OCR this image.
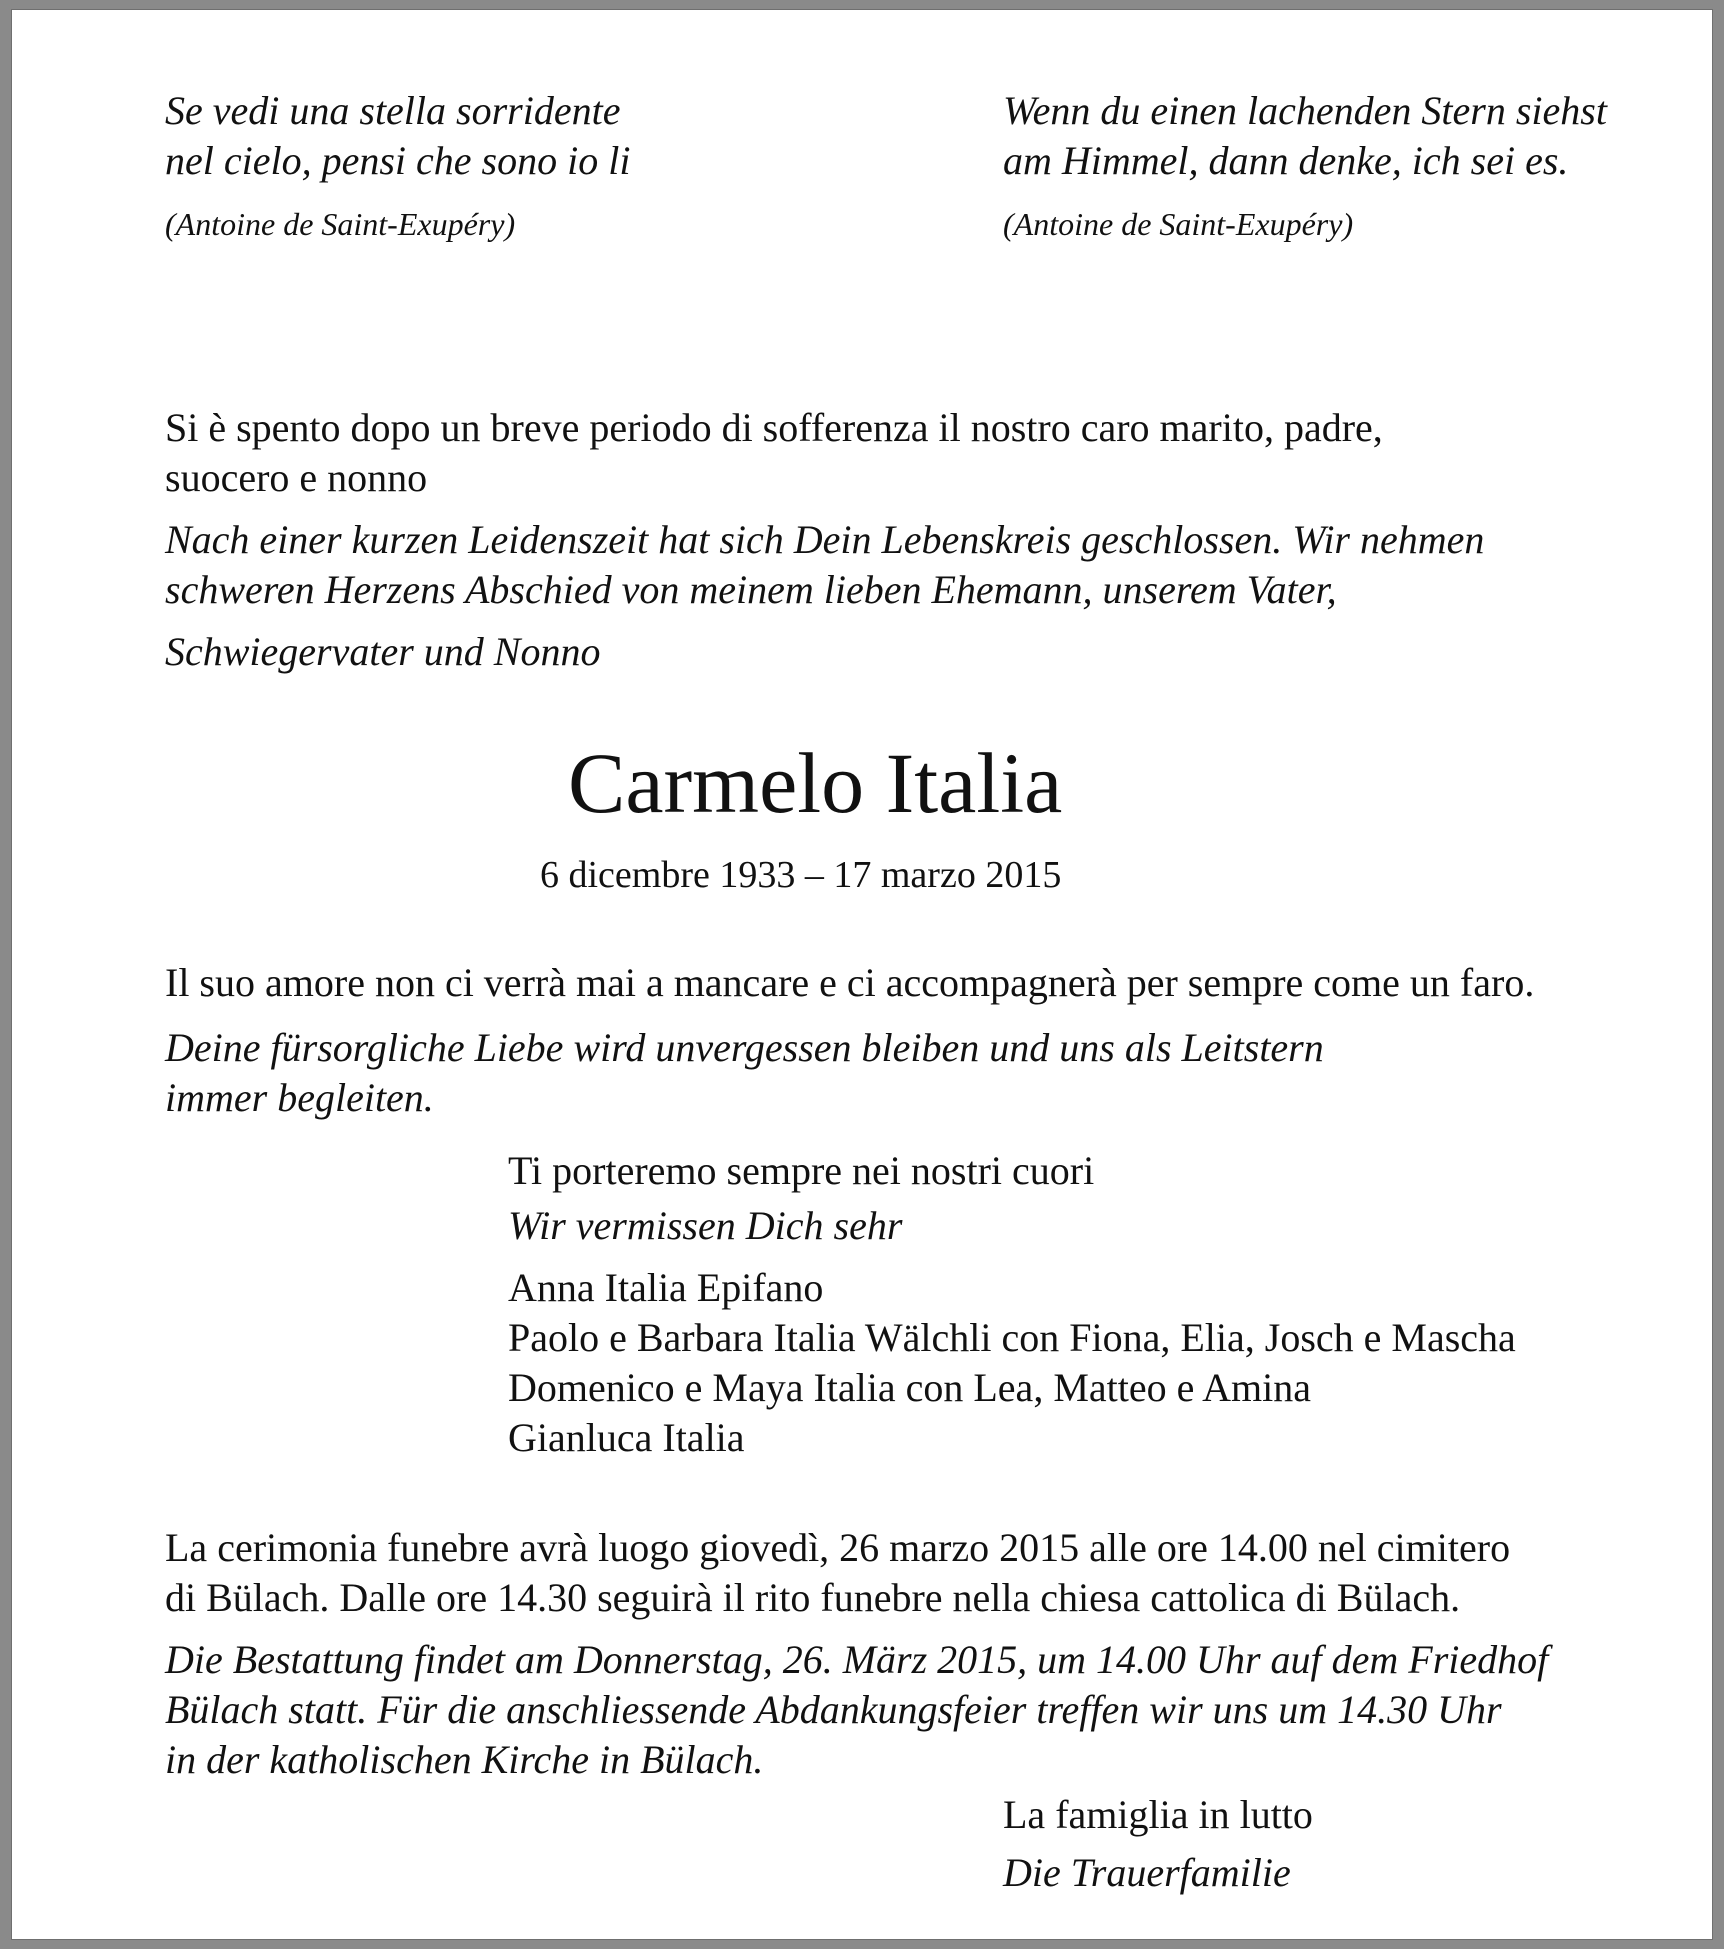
Se vedi una stella sorridente
nel cielo, pensi che sono io li
(Antoine de Saint-Exupéry)
Wenn du einen lachenden Stern siehst
am Himmel, dann denke, ich sei es.
(Antoine de Saint-Exupéry)
Si è spento dopo un breve periodo di sofferenza il nostro caro marito, padre,
suocero e nonno
Nach einer kurzen Leidenszeit hat sich Dein Lebenskreis geschlossen. Wir nehmen
schweren Herzens Abschied von meinem lieben Ehemann, unserem Vater,
Schwiegervater und Nonno
Carmelo Italia
6 dicembre 1933 – 17 marzo 2015
Il suo amore non ci verrà mai a mancare e ci accompagnerà per sempre come un faro.
Deine fürsorgliche Liebe wird unvergessen bleiben und uns als Leitstern
immer begleiten.
Ti porteremo sempre nei nostri cuori
Wir vermissen Dich sehr
Anna Italia Epifano
Paolo e Barbara Italia Wälchli con Fiona, Elia, Josch e Mascha
Domenico e Maya Italia con Lea, Matteo e Amina
Gianluca Italia
La cerimonia funebre avrà luogo giovedì, 26 marzo 2015 alle ore 14.00 nel cimitero
di Bülach. Dalle ore 14.30 seguirà il rito funebre nella chiesa cattolica di Bülach.
Die Bestattung findet am Donnerstag, 26. März 2015, um 14.00 Uhr auf dem Friedhof
Bülach statt. Für die anschliessende Abdankungsfeier treffen wir uns um 14.30 Uhr
in der katholischen Kirche in Bülach.
La famiglia in lutto
Die Trauerfamilie
